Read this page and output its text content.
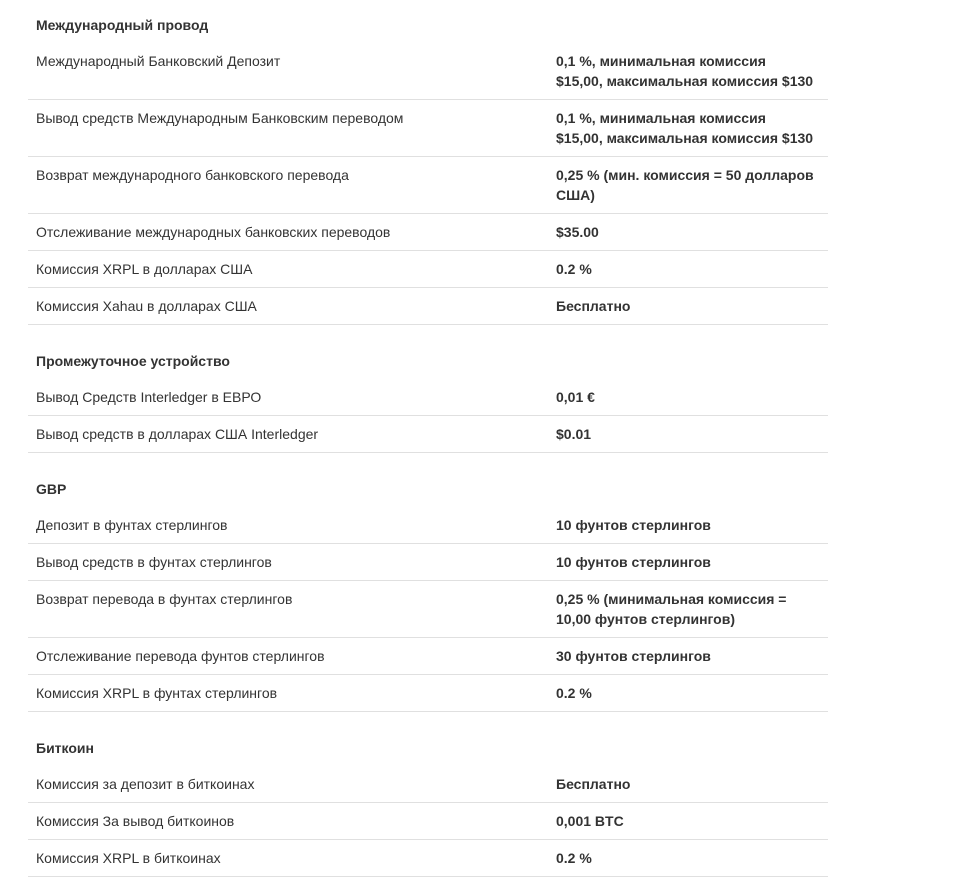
Международный провод
Международный Банковский Депозит	0,1 %, минимальная комиссия $15,00, максимальная комиссия $130
Вывод средств Международным Банковским переводом	0,1 %, минимальная комиссия $15,00, максимальная комиссия $130
Возврат международного банковского перевода	0,25 % (мин. комиссия = 50 долларов США)
Отслеживание международных банковских переводов	$35.00
Комиссия XRPL в долларах США	0.2 %
Комиссия Xahau в долларах США	Бесплатно
Промежуточное устройство
Вывод Средств Interledger в ЕВРО	0,01 €
Вывод средств в долларах США Interledger	$0.01
GBP
Депозит в фунтах стерлингов	10 фунтов стерлингов
Вывод средств в фунтах стерлингов	10 фунтов стерлингов
Возврат перевода в фунтах стерлингов	0,25 % (минимальная комиссия = 10,00 фунтов стерлингов)
Отслеживание перевода фунтов стерлингов	30 фунтов стерлингов
Комиссия XRPL в фунтах стерлингов	0.2 %
Биткоин
Комиссия за депозит в биткоинах	Бесплатно
Комиссия За вывод биткоинов	0,001 BTC
Комиссия XRPL в биткоинах	0.2 %
